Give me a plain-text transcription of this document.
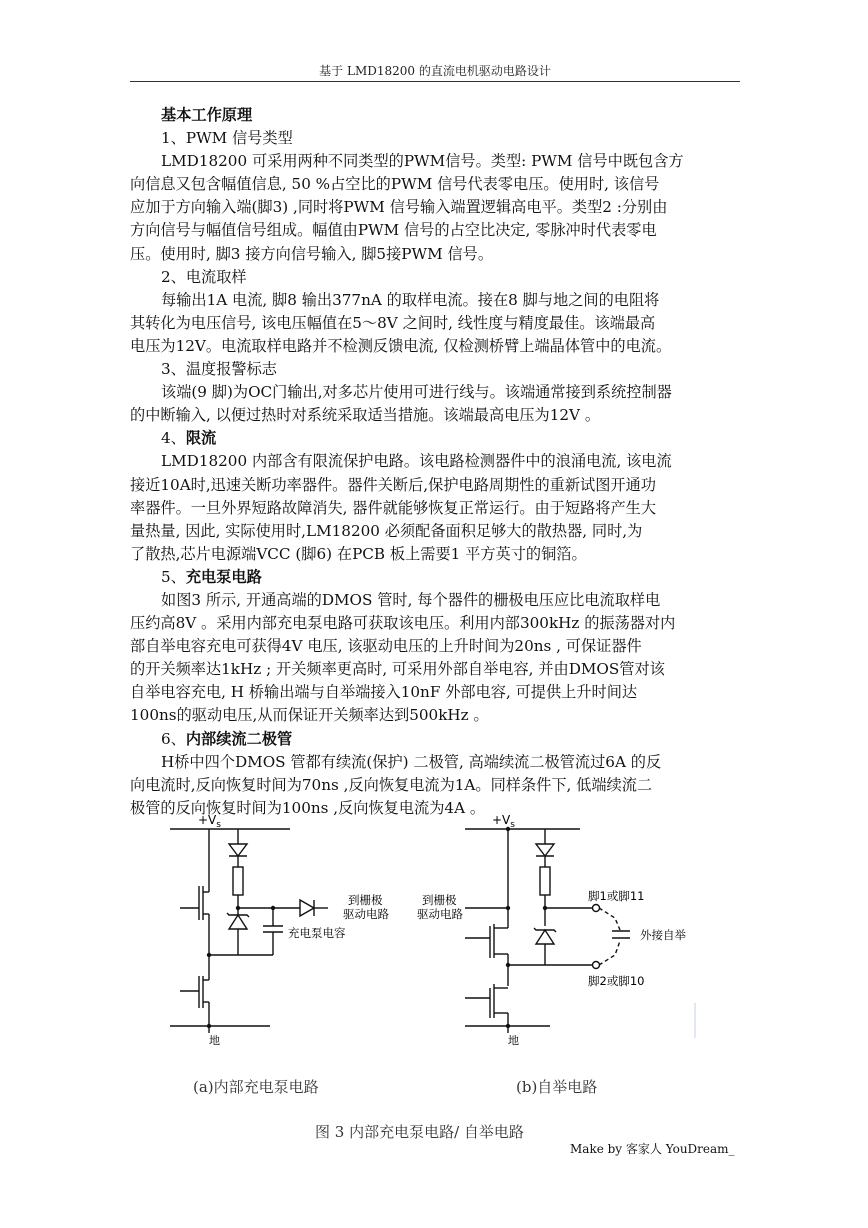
基于 LMD18200 的直流电机驱动电路设计
基本工作原理
1、PWM 信号类型
LMD18200 可采用两种不同类型的PWM信号。类型: PWM 信号中既包含方
向信息又包含幅值信息, 50 %占空比的PWM 信号代表零电压。使用时, 该信号
应加于方向输入端(脚3) ,同时将PWM 信号输入端置逻辑高电平。类型2 :分别由
方向信号与幅值信号组成。幅值由PWM 信号的占空比决定, 零脉冲时代表零电
压。使用时, 脚3 接方向信号输入, 脚5接PWM 信号。
2、电流取样
每输出1A 电流, 脚8 输出377nA 的取样电流。接在8 脚与地之间的电阻将
其转化为电压信号, 该电压幅值在5～8V 之间时, 线性度与精度最佳。该端最高
电压为12V。电流取样电路并不检测反馈电流, 仅检测桥臂上端晶体管中的电流。
3、温度报警标志
该端(9 脚)为OC门输出,对多芯片使用可进行线与。该端通常接到系统控制器
的中断输入, 以便过热时对系统采取适当措施。该端最高电压为12V 。
4、限流
LMD18200 内部含有限流保护电路。该电路检测器件中的浪涌电流, 该电流
接近10A时,迅速关断功率器件。器件关断后,保护电路周期性的重新试图开通功
率器件。一旦外界短路故障消失, 器件就能够恢复正常运行。由于短路将产生大
量热量, 因此, 实际使用时,LM18200 必须配备面积足够大的散热器, 同时,为
了散热,芯片电源端VCC (脚6) 在PCB 板上需要1 平方英寸的铜箔。
5、充电泵电路
如图3 所示, 开通高端的DMOS 管时, 每个器件的栅极电压应比电流取样电
压约高8V 。采用内部充电泵电路可获取该电压。利用内部300kHz 的振荡器对内
部自举电容充电可获得4V 电压, 该驱动电压的上升时间为20ns , 可保证器件
的开关频率达1kHz ; 开关频率更高时, 可采用外部自举电容, 并由DMOS管对该
自举电容充电, H 桥输出端与自举端接入10nF 外部电容, 可提供上升时间达
100ns的驱动电压,从而保证开关频率达到500kHz 。
6、内部续流二极管
H桥中四个DMOS 管都有续流(保护) 二极管, 高端续流二极管流过6A 的反
向电流时,反向恢复时间为70ns ,反向恢复电流为1A。同样条件下, 低端续流二
极管的反向恢复时间为100ns ,反向恢复电流为4A 。
$+V_s$
到栅极
驱动电路
充电泵电容
地
$+V_s$
到栅极
驱动电路
脚1或脚11
脚2或脚10
外接自举
地
(a)内部充电泵电路	(b)自举电路
图 3 内部充电泵电路/ 自举电路
Make by 客家人 YouDream_
